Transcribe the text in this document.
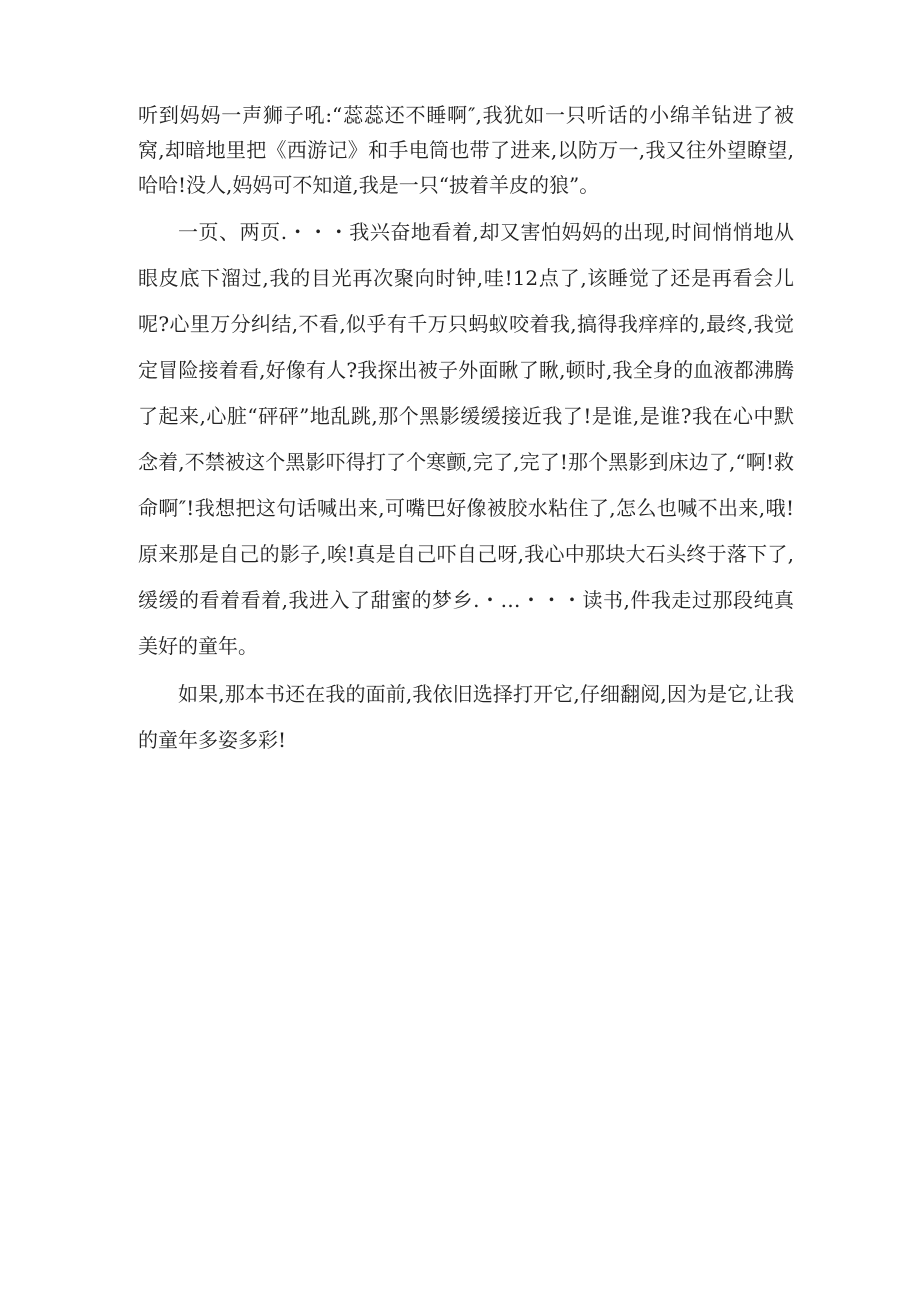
听到妈妈一声狮子吼:“蕊蕊还不睡啊″,我犹如一只听话的小绵羊钻进了被窝,却暗地里把《西游记》和手电筒也带了进来,以防万一,我又往外望瞭望,哈哈!没人,妈妈可不知道,我是一只“披着羊皮的狼”。

一页、两页.・・・我兴奋地看着,却又害怕妈妈的出现,时间悄悄地从眼皮底下溜过,我的目光再次聚向时钟,哇!12点了,该睡觉了还是再看会儿呢?心里万分纠结,不看,似乎有千万只蚂蚁咬着我,搞得我痒痒的,最终,我觉定冒险接着看,好像有人?我探出被子外面瞅了瞅,顿时,我全身的血液都沸腾了起来,心脏“砰砰”地乱跳,那个黑影缓缓接近我了!是谁,是谁?我在心中默念着,不禁被这个黑影吓得打了个寒颤,完了,完了!那个黑影到床边了,“啊!救命啊″!我想把这句话喊出来,可嘴巴好像被胶水粘住了,怎么也喊不出来,哦!原来那是自己的影子,唉!真是自己吓自己呀,我心中那块大石头终于落下了,缓缓的看着看着,我进入了甜蜜的梦乡.・…・・・读书,件我走过那段纯真美好的童年。

如果,那本书还在我的面前,我依旧选择打开它,仔细翻阅,因为是它,让我的童年多姿多彩!
